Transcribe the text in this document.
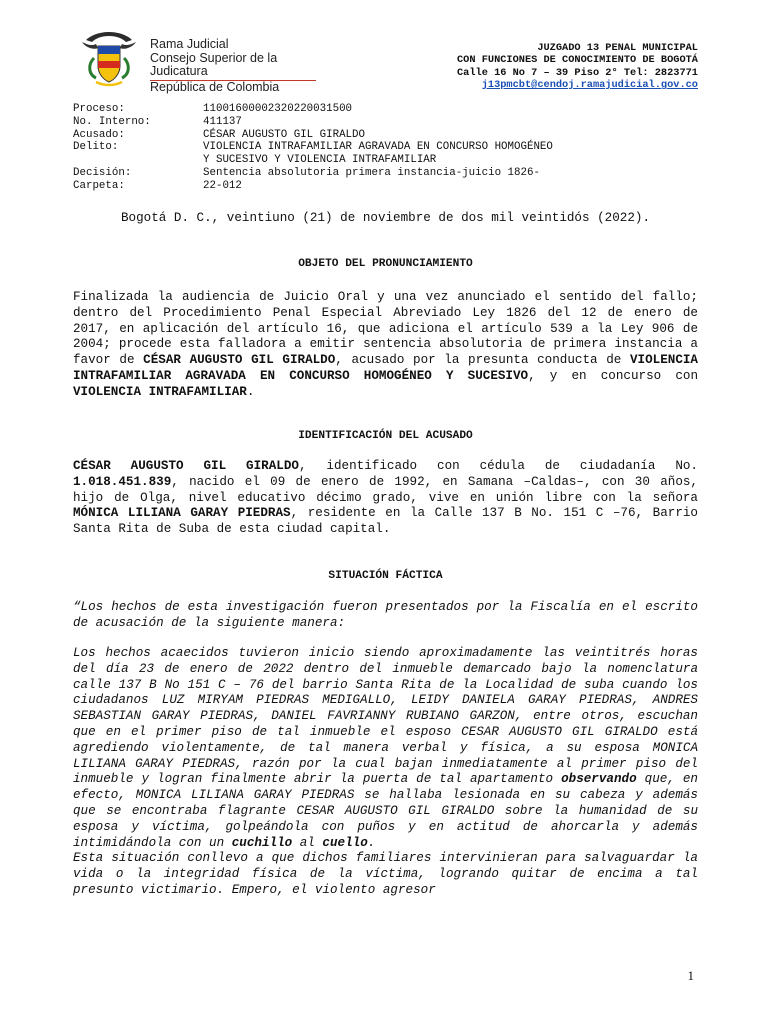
Rama Judicial
Consejo Superior de la Judicatura
República de Colombia
JUZGADO 13 PENAL MUNICIPAL
CON FUNCIONES DE CONOCIMIENTO DE BOGOTÁ
Calle 16 No 7 – 39 Piso 2° Tel: 2823771
j13pmcbt@cendoj.ramajudicial.gov.co
Proceso:	11001600002320220031500
No. Interno:	411137
Acusado:	CÉSAR AUGUSTO GIL GIRALDO
Delito:	VIOLENCIA INTRAFAMILIAR AGRAVADA EN CONCURSO HOMOGÉNEO
Y SUCESIVO Y VIOLENCIA INTRAFAMILIAR
Decisión:	Sentencia absolutoria primera instancia-juicio 1826-
Carpeta:	22-012
Bogotá D. C., veintiuno (21) de noviembre de dos mil veintidós (2022).
OBJETO DEL PRONUNCIAMIENTO
Finalizada la audiencia de Juicio Oral y una vez anunciado el sentido del fallo; dentro del Procedimiento Penal Especial Abreviado Ley 1826 del 12 de enero de 2017, en aplicación del artículo 16, que adiciona el artículo 539 a la Ley 906 de 2004; procede esta falladora a emitir sentencia absolutoria de primera instancia a favor de CÉSAR AUGUSTO GIL GIRALDO, acusado por la presunta conducta de VIOLENCIA INTRAFAMILIAR AGRAVADA EN CONCURSO HOMOGÉNEO Y SUCESIVO, y en concurso con VIOLENCIA INTRAFAMILIAR.
IDENTIFICACIÓN DEL ACUSADO
CÉSAR AUGUSTO GIL GIRALDO, identificado con cédula de ciudadanía No. 1.018.451.839, nacido el 09 de enero de 1992, en Samana –Caldas–, con 30 años, hijo de Olga, nivel educativo décimo grado, vive en unión libre con la señora MÓNICA LILIANA GARAY PIEDRAS, residente en la Calle 137 B No. 151 C –76, Barrio Santa Rita de Suba de esta ciudad capital.
SITUACIÓN FÁCTICA
“Los hechos de esta investigación fueron presentados por la Fiscalía en el escrito de acusación de la siguiente manera:
Los hechos acaecidos tuvieron inicio siendo aproximadamente las veintitrés horas del día 23 de enero de 2022 dentro del inmueble demarcado bajo la nomenclatura calle 137 B No 151 C – 76 del barrio Santa Rita de la Localidad de suba cuando los ciudadanos LUZ MIRYAM PIEDRAS MEDIGALLO, LEIDY DANIELA GARAY PIEDRAS, ANDRES SEBASTIAN GARAY PIEDRAS, DANIEL FAVRIANNY RUBIANO GARZON, entre otros, escuchan que en el primer piso de tal inmueble el esposo CESAR AUGUSTO GIL GIRALDO está agrediendo violentamente, de tal manera verbal y física, a su esposa MONICA LILIANA GARAY PIEDRAS, razón por la cual bajan inmediatamente al primer piso del inmueble y logran finalmente abrir la puerta de tal apartamento observando que, en efecto, MONICA LILIANA GARAY PIEDRAS se hallaba lesionada en su cabeza y además que se encontraba flagrante CESAR AUGUSTO GIL GIRALDO sobre la humanidad de su esposa y víctima, golpeándola con puños y en actitud de ahorcarla y además intimidándola con un cuchillo al cuello.
Esta situación conllevo a que dichos familiares intervinieran para salvaguardar la vida o la integridad física de la víctima, logrando quitar de encima a tal presunto victimario. Empero, el violento agresor
1
